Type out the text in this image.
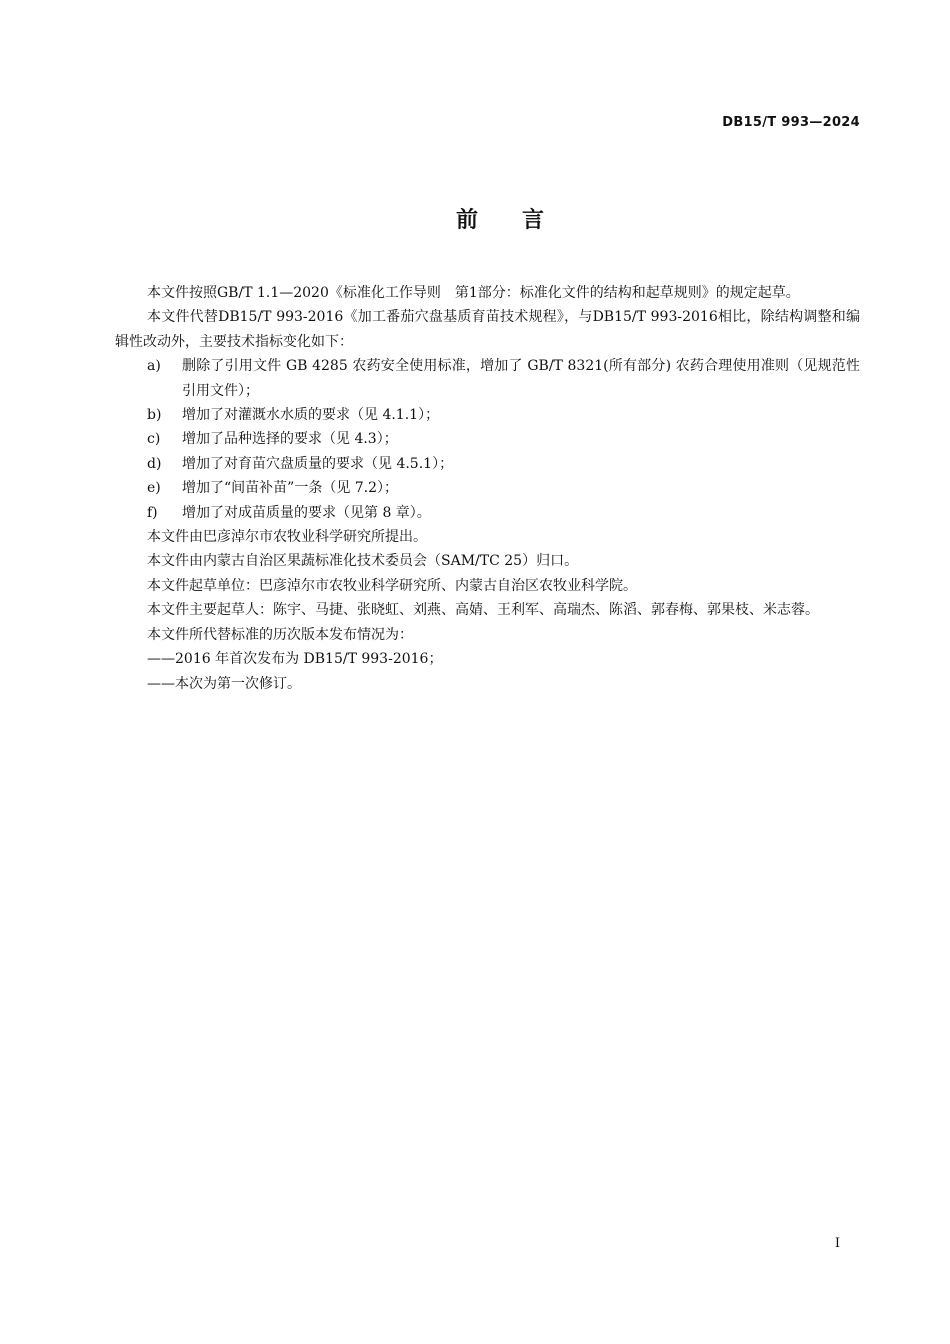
DB15/T 993—2024
前言

本文件按照GB/T 1.1—2020《标准化工作导则　第1部分：标准化文件的结构和起草规则》的规定起草。

本文件代替DB15/T 993-2016《加工番茄穴盘基质育苗技术规程》，与DB15/T 993-2016相比，除结构调整和编辑性改动外，主要技术指标变化如下：

a) 删除了引用文件 GB 4285 农药安全使用标准，增加了 GB/T 8321(所有部分) 农药合理使用准则（见规范性引用文件）；
b) 增加了对灌溉水水质的要求（见 4.1.1）；
c) 增加了品种选择的要求（见 4.3）；
d) 增加了对育苗穴盘质量的要求（见 4.5.1）；
e) 增加了“间苗补苗”一条（见 7.2）；
f) 增加了对成苗质量的要求（见第 8 章）。

本文件由巴彦淖尔市农牧业科学研究所提出。

本文件由内蒙古自治区果蔬标准化技术委员会（SAM/TC 25）归口。

本文件起草单位：巴彦淖尔市农牧业科学研究所、内蒙古自治区农牧业科学院。

本文件主要起草人：陈宇、马捷、张晓虹、刘燕、高婧、王利军、高瑞杰、陈滔、郭春梅、郭果枝、米志蓉。

本文件所代替标准的历次版本发布情况为：

——2016 年首次发布为 DB15/T 993-2016；

——本次为第一次修订。

I
